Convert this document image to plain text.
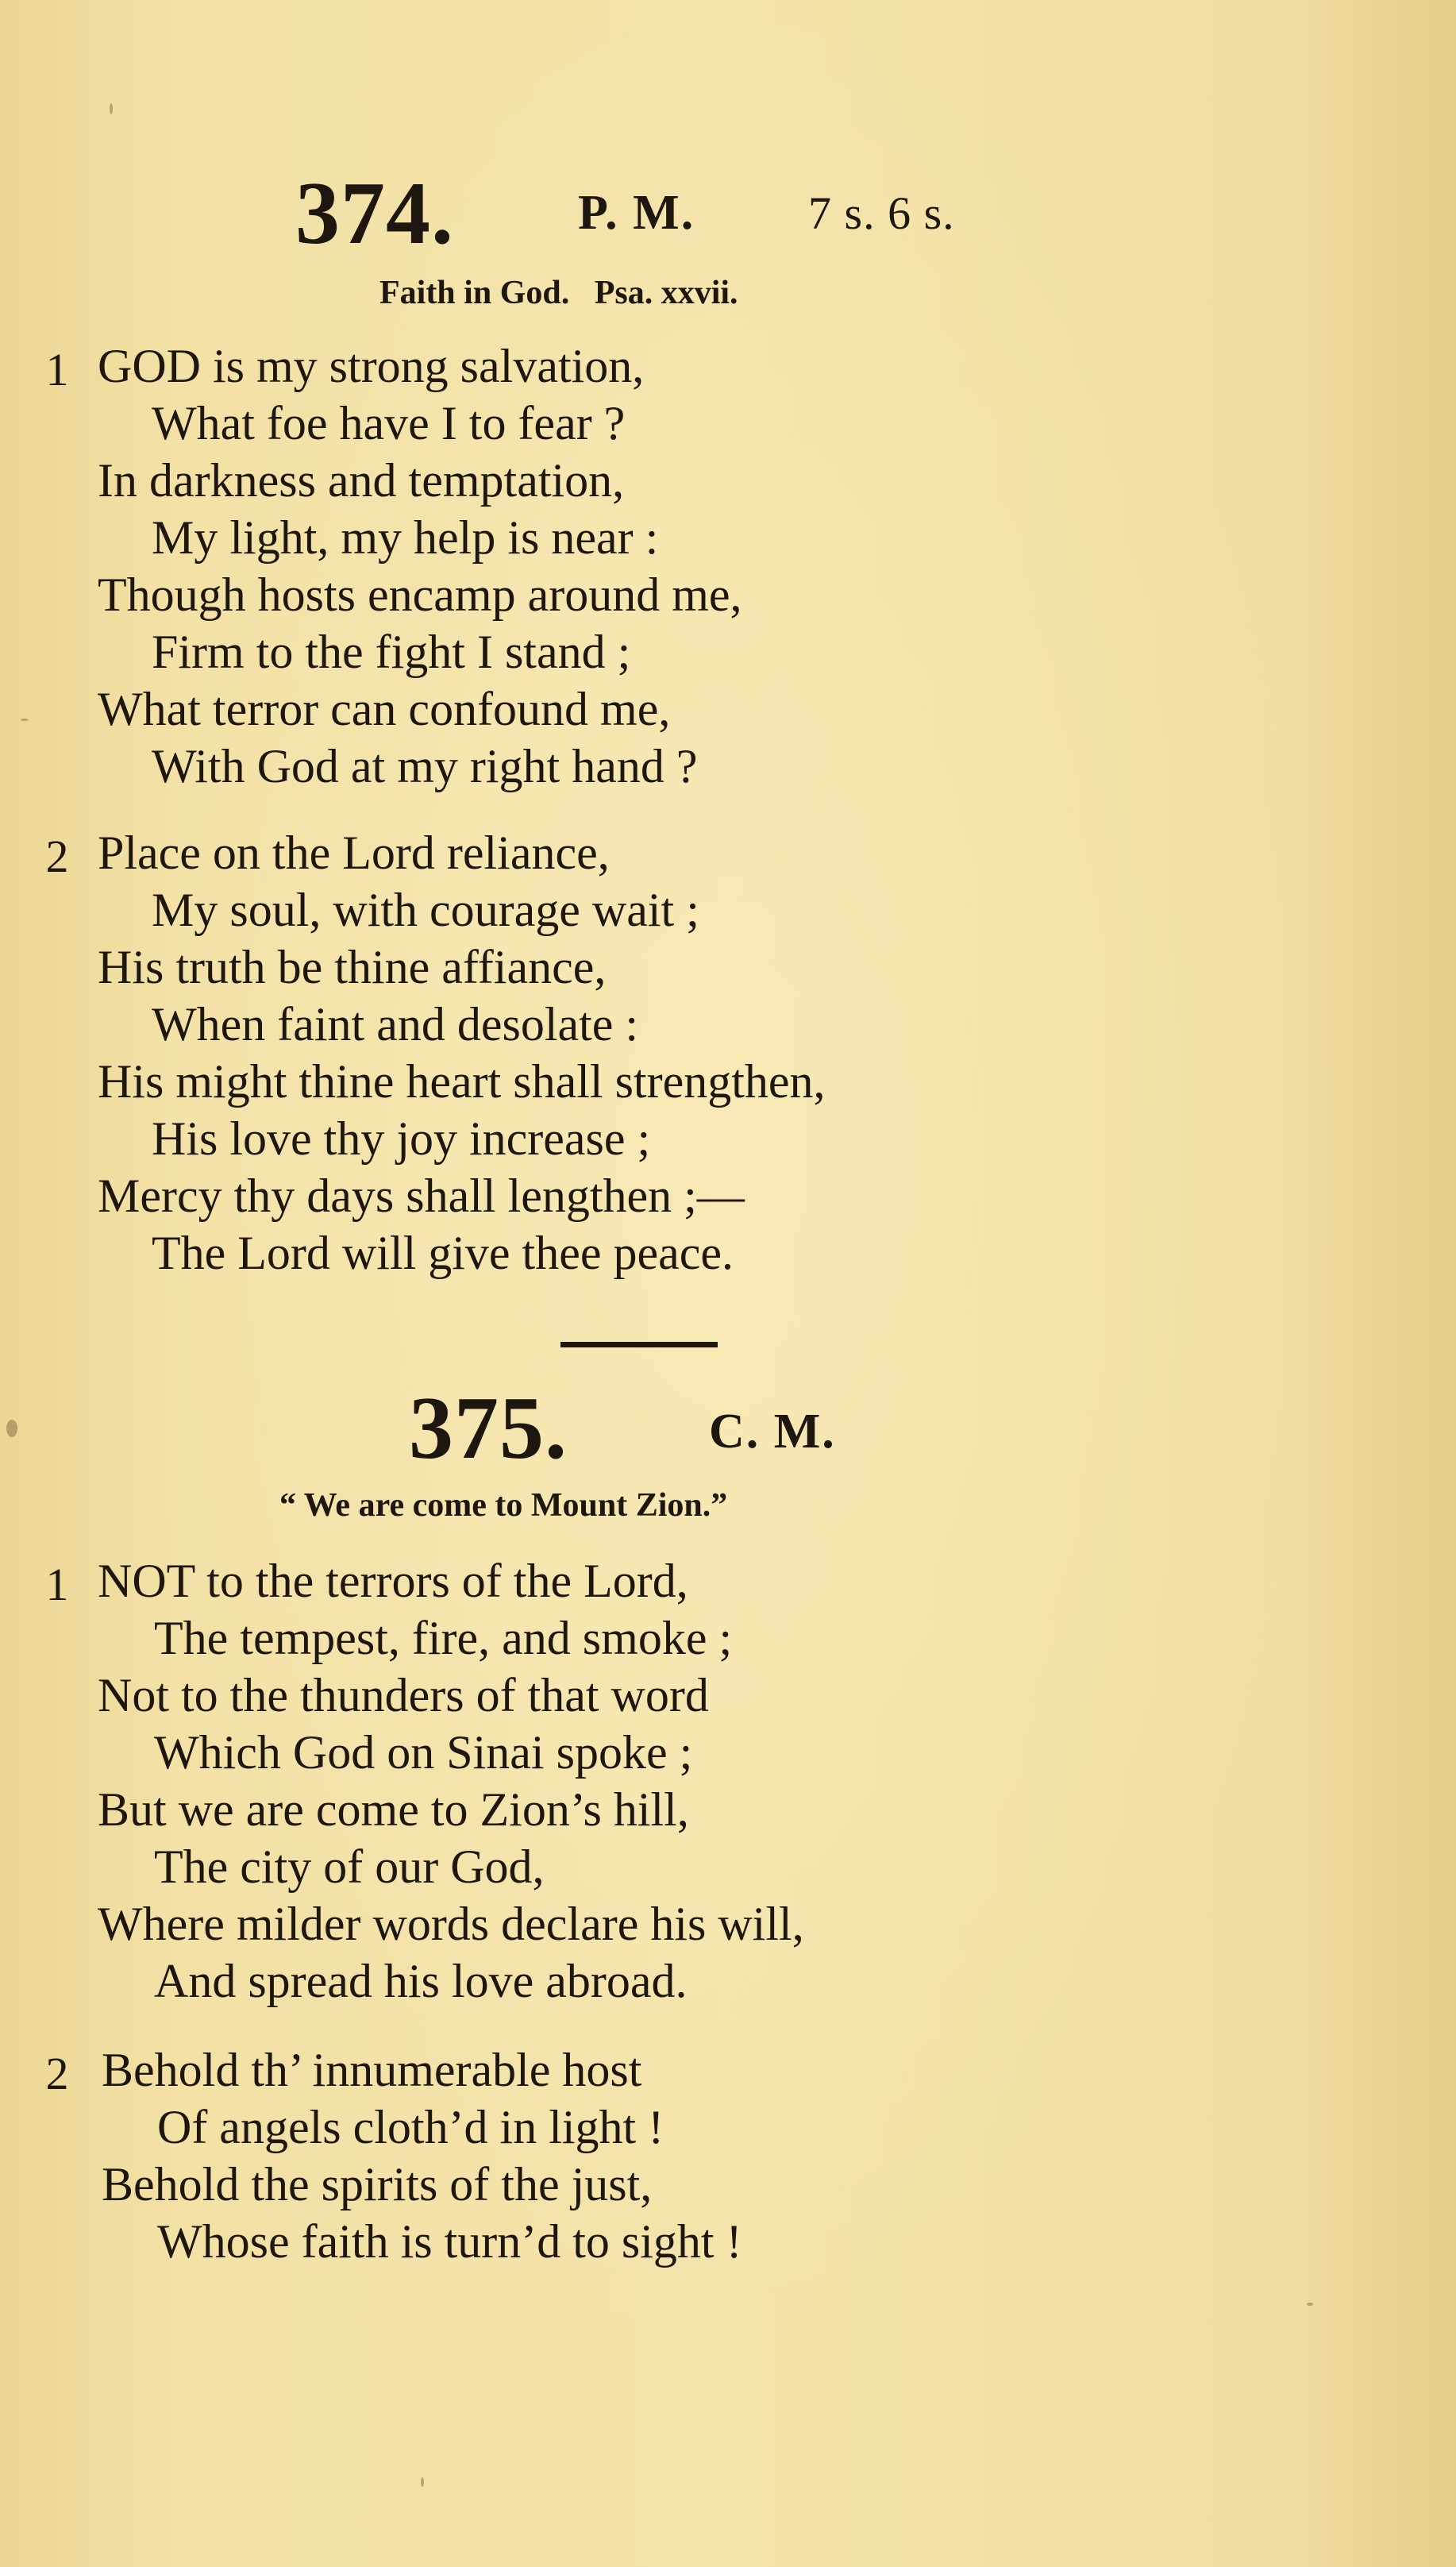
374.	P. M. 7 s. 6 s.
Faith in God.   Psa. xxvii.
1 GOD is my strong salvation,
What foe have I to fear ?
In darkness and temptation,
My light, my help is near :
Though hosts encamp around me,
Firm to the fight I stand ;
What terror can confound me,
With God at my right hand ?
2 Place on the Lord reliance,
My soul, with courage wait ;
His truth be thine affiance,
When faint and desolate :
His might thine heart shall strengthen,
His love thy joy increase ;
Mercy thy days shall lengthen ;—
The Lord will give thee peace.
375.	C. M.
“ We are come to Mount Zion.”
1 NOT to the terrors of the Lord,
The tempest, fire, and smoke ;
Not to the thunders of that word
Which God on Sinai spoke ;
But we are come to Zion’s hill,
The city of our God,
Where milder words declare his will,
And spread his love abroad.
2 Behold th’ innumerable host
Of angels cloth’d in light !
Behold the spirits of the just,
Whose faith is turn’d to sight !
